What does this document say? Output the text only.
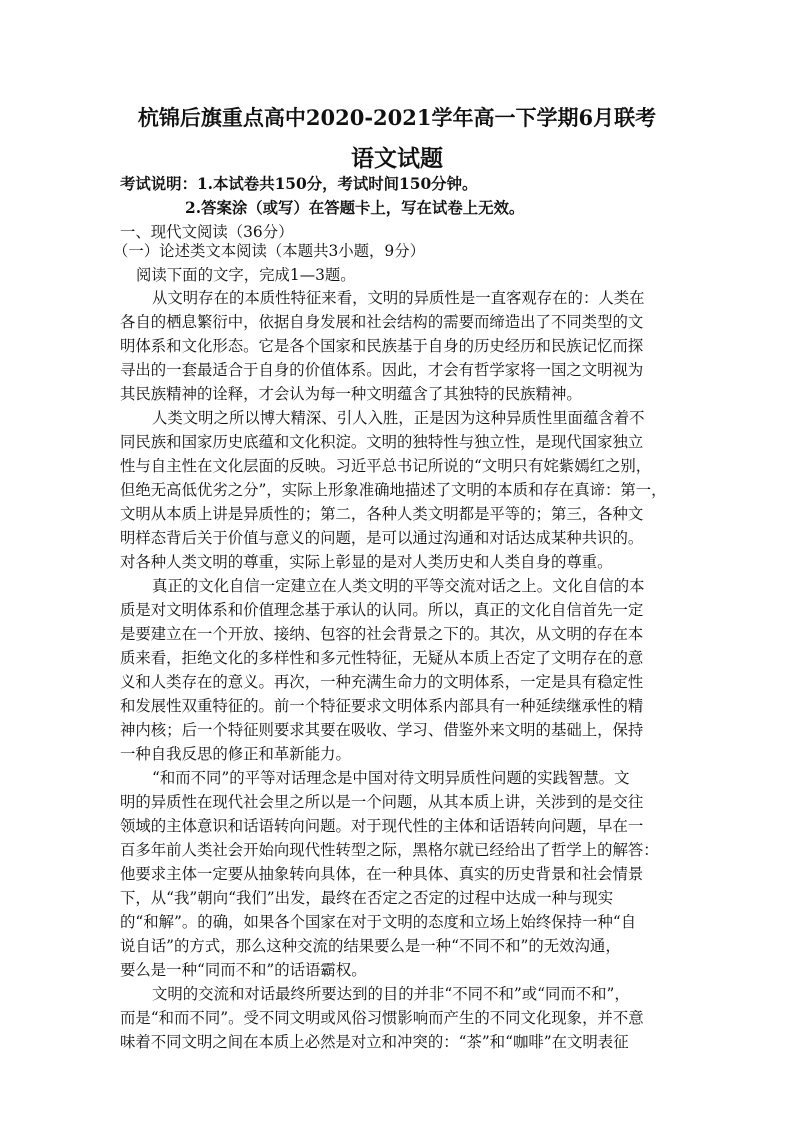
杭锦后旗重点高中2020-2021学年高一下学期6月联考
语文试题
考试说明：1.本试卷共150分，考试时间150分钟。
2.答案涂（或写）在答题卡上，写在试卷上无效。
一、现代文阅读（36分）
（一）论述类文本阅读（本题共3小题，9分）
阅读下面的文字，完成1—3题。
从文明存在的本质性特征来看，文明的异质性是一直客观存在的：人类在
各自的栖息繁衍中，依据自身发展和社会结构的需要而缔造出了不同类型的文
明体系和文化形态。它是各个国家和民族基于自身的历史经历和民族记忆而探
寻出的一套最适合于自身的价值体系。因此，才会有哲学家将一国之文明视为
其民族精神的诠释，才会认为每一种文明蕴含了其独特的民族精神。
人类文明之所以博大精深、引人入胜，正是因为这种异质性里面蕴含着不
同民族和国家历史底蕴和文化积淀。文明的独特性与独立性，是现代国家独立
性与自主性在文化层面的反映。习近平总书记所说的“文明只有姹紫嫣红之别，
但绝无高低优劣之分”，实际上形象准确地描述了文明的本质和存在真谛：第一，
文明从本质上讲是异质性的；第二，各种人类文明都是平等的；第三，各种文
明样态背后关于价值与意义的问题，是可以通过沟通和对话达成某种共识的。
对各种人类文明的尊重，实际上彰显的是对人类历史和人类自身的尊重。
真正的文化自信一定建立在人类文明的平等交流对话之上。文化自信的本
质是对文明体系和价值理念基于承认的认同。所以，真正的文化自信首先一定
是要建立在一个开放、接纳、包容的社会背景之下的。其次，从文明的存在本
质来看，拒绝文化的多样性和多元性特征，无疑从本质上否定了文明存在的意
义和人类存在的意义。再次，一种充满生命力的文明体系，一定是具有稳定性
和发展性双重特征的。前一个特征要求文明体系内部具有一种延续继承性的精
神内核；后一个特征则要求其要在吸收、学习、借鉴外来文明的基础上，保持
一种自我反思的修正和革新能力。
“和而不同”的平等对话理念是中国对待文明异质性问题的实践智慧。文
明的异质性在现代社会里之所以是一个问题，从其本质上讲，关涉到的是交往
领域的主体意识和话语转向问题。对于现代性的主体和话语转向问题，早在一
百多年前人类社会开始向现代性转型之际，黑格尔就已经给出了哲学上的解答：
他要求主体一定要从抽象转向具体，在一种具体、真实的历史背景和社会情景
下，从“我”朝向“我们”出发，最终在否定之否定的过程中达成一种与现实
的“和解”。的确，如果各个国家在对于文明的态度和立场上始终保持一种“自
说自话”的方式，那么这种交流的结果要么是一种“不同不和”的无效沟通，
要么是一种“同而不和”的话语霸权。
文明的交流和对话最终所要达到的目的并非“不同不和”或“同而不和”，
而是“和而不同”。受不同文明或风俗习惯影响而产生的不同文化现象，并不意
味着不同文明之间在本质上必然是对立和冲突的：“茶”和“咖啡”在文明表征
